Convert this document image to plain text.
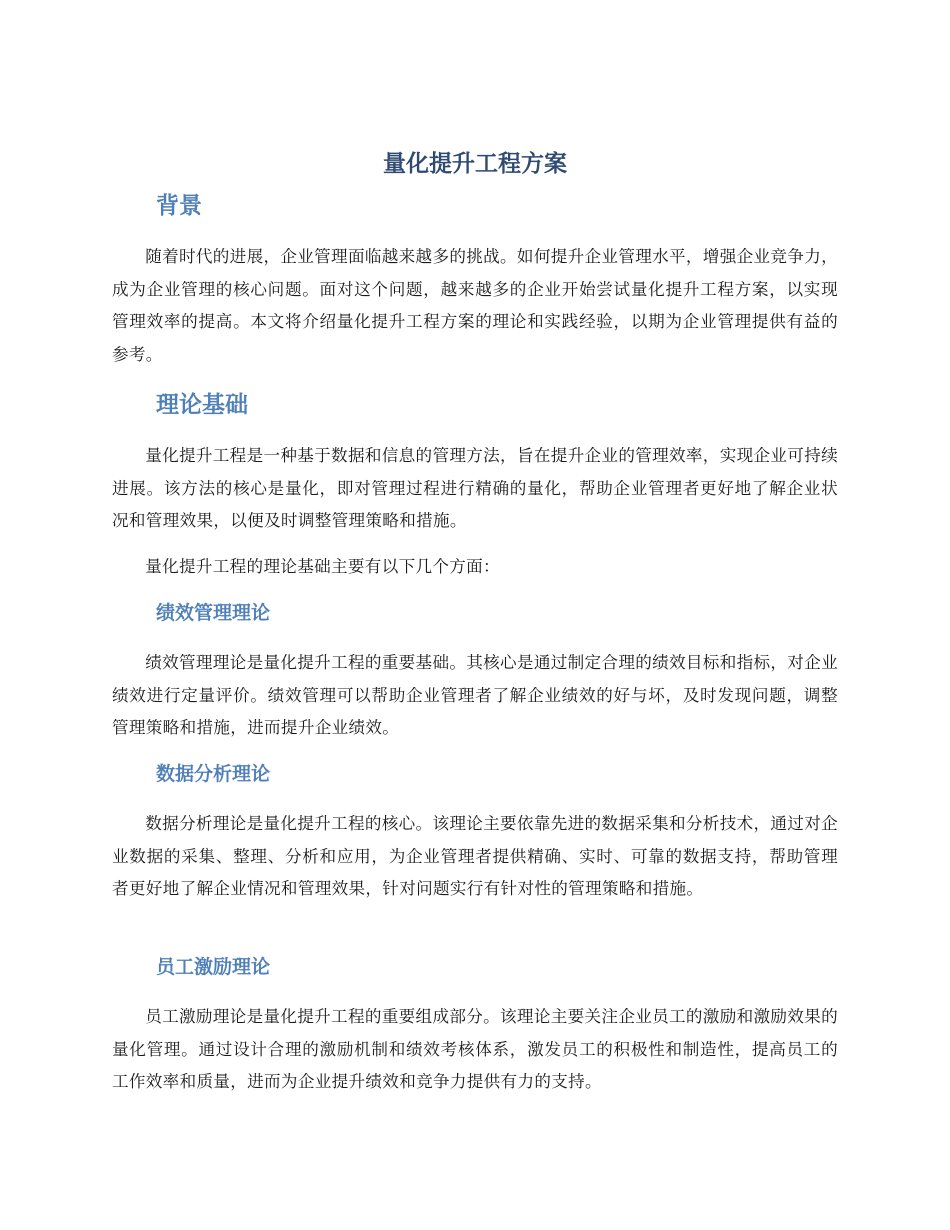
量化提升工程方案
背景

随着时代的进展，企业管理面临越来越多的挑战。如何提升企业管理水平，增强企业竞争力，成为企业管理的核心问题。面对这个问题，越来越多的企业开始尝试量化提升工程方案，以实现管理效率的提高。本文将介绍量化提升工程方案的理论和实践经验，以期为企业管理提供有益的参考。

理论基础

量化提升工程是一种基于数据和信息的管理方法，旨在提升企业的管理效率，实现企业可持续进展。该方法的核心是量化，即对管理过程进行精确的量化，帮助企业管理者更好地了解企业状况和管理效果，以便及时调整管理策略和措施。

量化提升工程的理论基础主要有以下几个方面：

绩效管理理论

绩效管理理论是量化提升工程的重要基础。其核心是通过制定合理的绩效目标和指标，对企业绩效进行定量评价。绩效管理可以帮助企业管理者了解企业绩效的好与坏，及时发现问题，调整管理策略和措施，进而提升企业绩效。

数据分析理论

数据分析理论是量化提升工程的核心。该理论主要依靠先进的数据采集和分析技术，通过对企业数据的采集、整理、分析和应用，为企业管理者提供精确、实时、可靠的数据支持，帮助管理者更好地了解企业情况和管理效果，针对问题实行有针对性的管理策略和措施。

员工激励理论

员工激励理论是量化提升工程的重要组成部分。该理论主要关注企业员工的激励和激励效果的量化管理。通过设计合理的激励机制和绩效考核体系，激发员工的积极性和制造性，提高员工的工作效率和质量，进而为企业提升绩效和竞争力提供有力的支持。
